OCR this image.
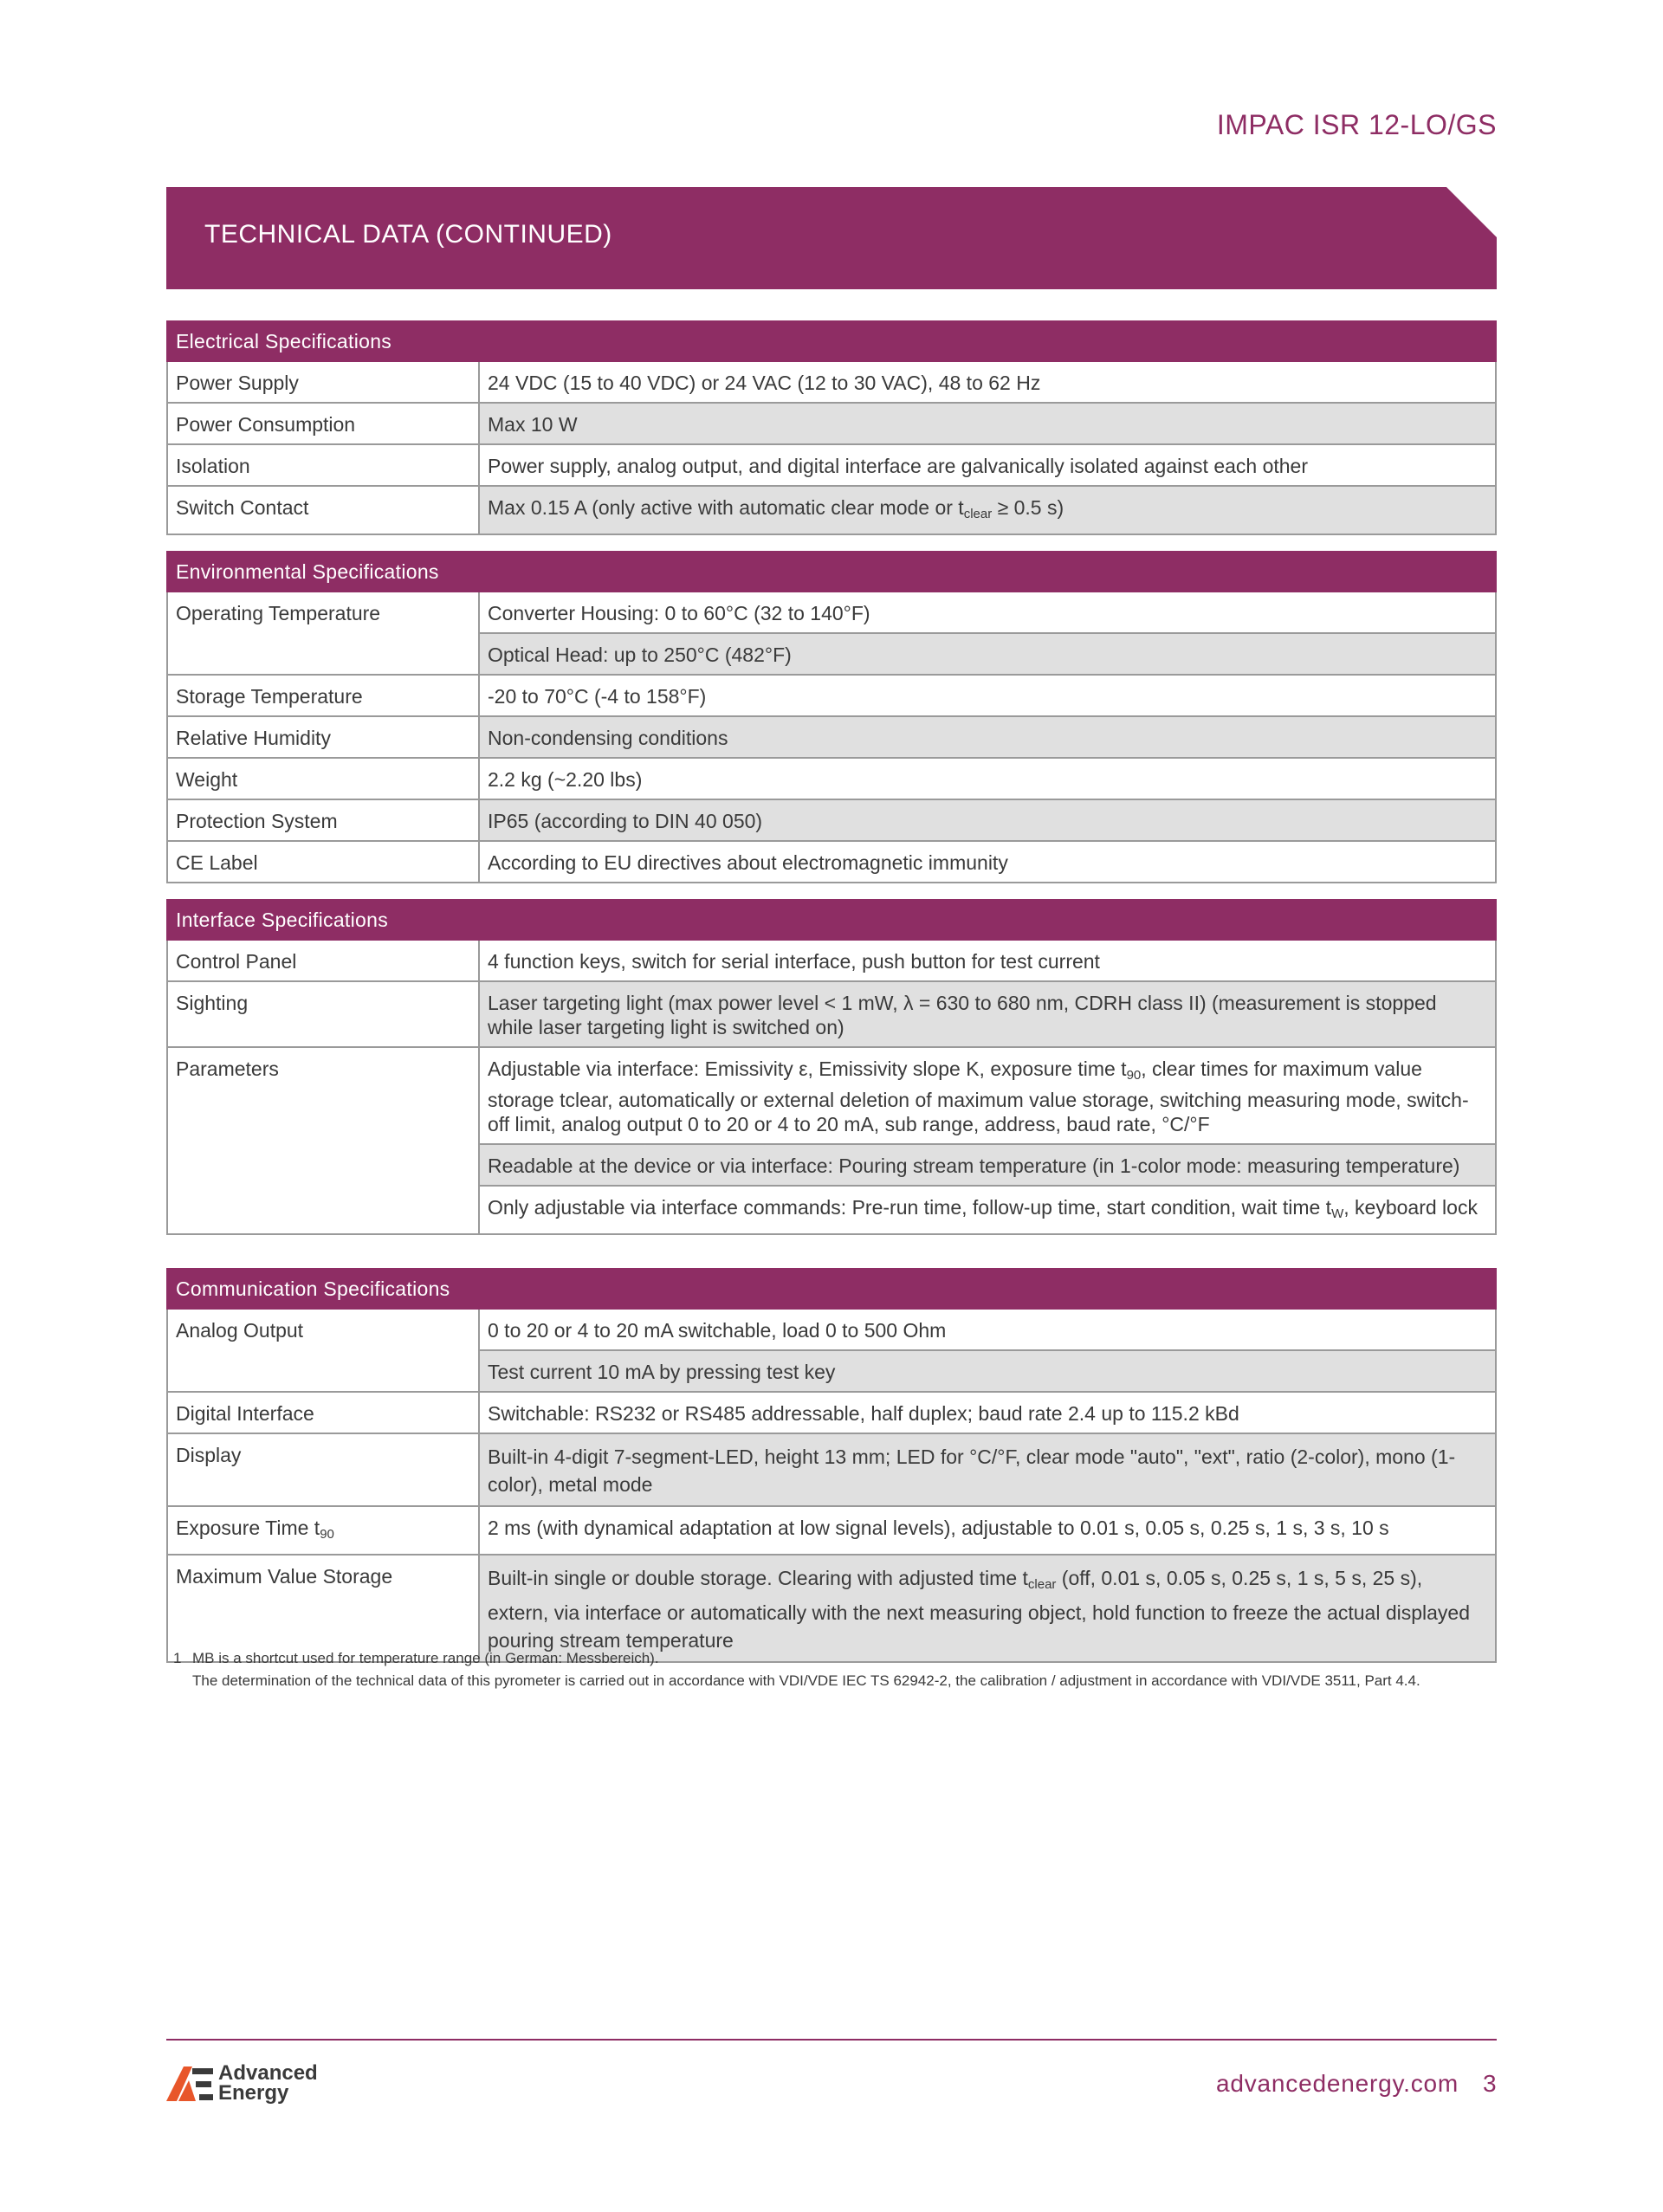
IMPAC ISR 12-LO/GS
TECHNICAL DATA (CONTINUED)
Electrical Specifications	
Power Supply	24 VDC (15 to 40 VDC) or 24 VAC (12 to 30 VAC), 48 to 62 Hz
Power Consumption	Max 10 W
Isolation	Power supply, analog output, and digital interface are galvanically isolated against each other
Switch Contact	Max 0.15 A (only active with automatic clear mode or $t_{clear} \ge 0.5$ s)
Environmental Specifications	
Operating Temperature	Converter Housing: 0 to 60°C (32 to 140°F)
	Optical Head: up to 250°C (482°F)
Storage Temperature	-20 to 70°C (-4 to 158°F)
Relative Humidity	Non-condensing conditions
Weight	2.2 kg (~2.20 lbs)
Protection System	IP65 (according to DIN 40 050)
CE Label	According to EU directives about electromagnetic immunity
Interface Specifications	
Control Panel	4 function keys, switch for serial interface, push button for test current
Sighting	Laser targeting light (max power level < 1 mW, λ = 630 to 680 nm, CDRH class II) (measurement is stopped while laser targeting light is switched on)
Parameters	Adjustable via interface: Emissivity ε, Emissivity slope K, exposure time $t_{90}$, clear times for maximum value storage tclear, automatically or external deletion of maximum value storage, switching measuring mode, switch-off limit, analog output 0 to 20 or 4 to 20 mA, sub range, address, baud rate, °C/°F
	Readable at the device or via interface: Pouring stream temperature (in 1-color mode: measuring temperature)
	Only adjustable via interface commands: Pre-run time, follow-up time, start condition, wait time $t_W$, keyboard lock
Communication Specifications	
Analog Output	0 to 20 or 4 to 20 mA switchable, load 0 to 500 Ohm
	Test current 10 mA by pressing test key
Digital Interface	Switchable: RS232 or RS485 addressable, half duplex; baud rate 2.4 up to 115.2 kBd
Display	Built-in 4-digit 7-segment-LED, height 13 mm; LED for °C/°F, clear mode "auto", "ext", ratio (2-color), mono (1-color), metal mode
Exposure Time $t_{90}$	2 ms (with dynamical adaptation at low signal levels), adjustable to 0.01 s, 0.05 s, 0.25 s, 1 s, 3 s, 10 s
Maximum Value Storage	Built-in single or double storage. Clearing with adjusted time $t_{clear}$ (off, 0.01 s, 0.05 s, 0.25 s, 1 s, 5 s, 25 s), extern, via interface or automatically with the next measuring object, hold function to freeze the actual displayed pouring stream temperature
1 MB is a shortcut used for temperature range (in German: Messbereich).
The determination of the technical data of this pyrometer is carried out in accordance with VDI/VDE IEC TS 62942-2, the calibration / adjustment in accordance with VDI/VDE 3511, Part 4.4.
Advanced
Energy	advancedenergy.com 3
